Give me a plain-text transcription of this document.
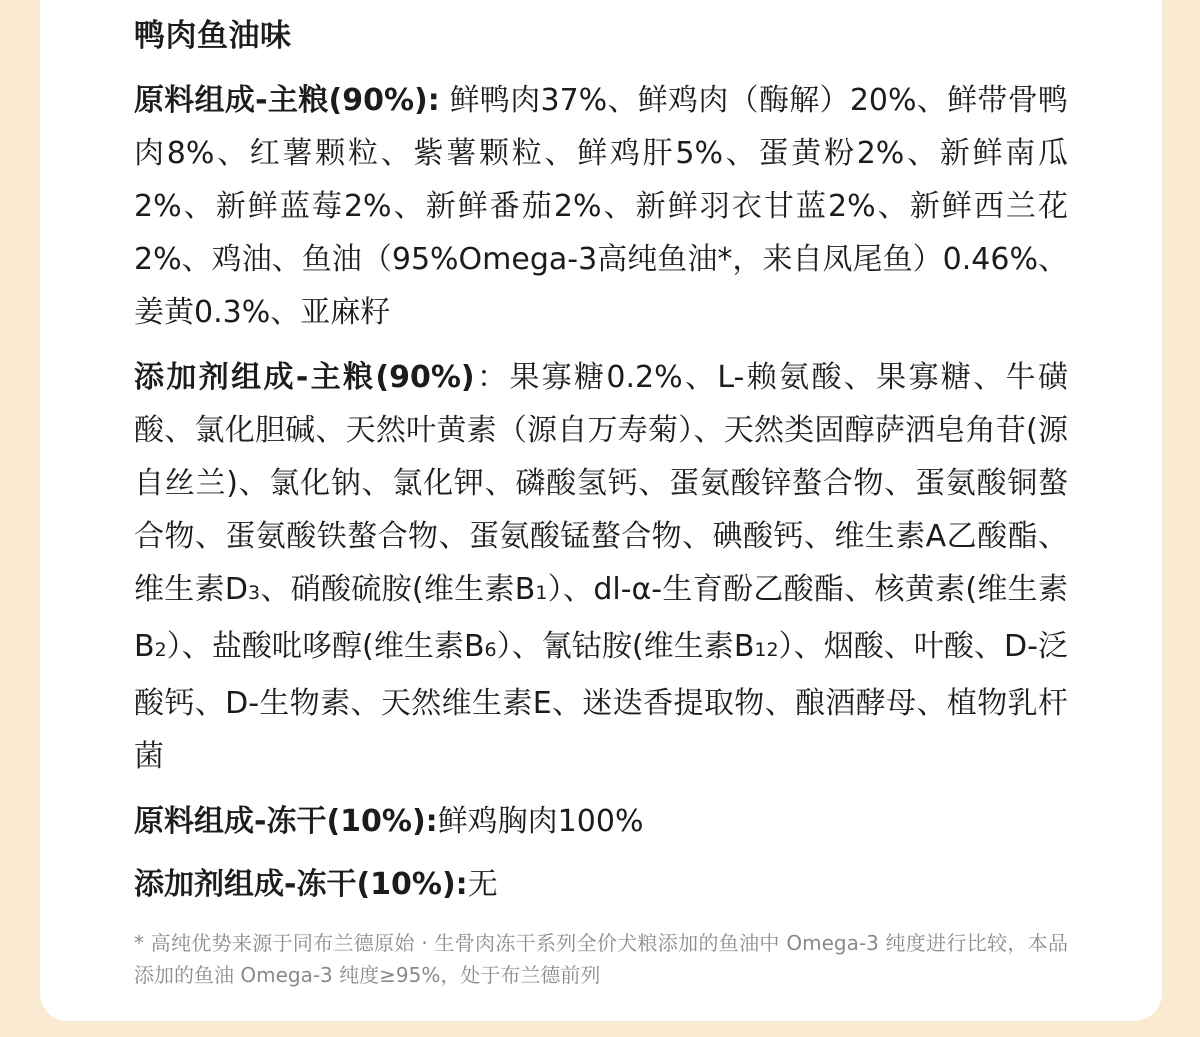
鸭肉鱼油味

原料组成-主粮(90%): 鲜鸭肉37%、鲜鸡肉（酶解）20%、鲜带骨鸭肉8%、红薯颗粒、紫薯颗粒、鲜鸡肝5%、蛋黄粉2%、新鲜南瓜2%、新鲜蓝莓2%、新鲜番茄2%、新鲜羽衣甘蓝2%、新鲜西兰花2%、鸡油、鱼油（95%Omega-3高纯鱼油*，来自凤尾鱼）0.46%、姜黄0.3%、亚麻籽

添加剂组成-主粮(90%)：果寡糖0.2%、L-赖氨酸、果寡糖、牛磺酸、氯化胆碱、天然叶黄素（源自万寿菊）、天然类固醇萨洒皂角苷(源自丝兰)、氯化钠、氯化钾、磷酸氢钙、蛋氨酸锌螯合物、蛋氨酸铜螯合物、蛋氨酸铁螯合物、蛋氨酸锰螯合物、碘酸钙、维生素A乙酸酯、维生素D3、硝酸硫胺(维生素B1）、dl-α-生育酚乙酸酯、核黄素(维生素B2）、盐酸吡哆醇(维生素B6）、氰钴胺(维生素B12）、烟酸、叶酸、D-泛酸钙、D-生物素、天然维生素E、迷迭香提取物、酿酒酵母、植物乳杆菌

原料组成-冻干(10%):鲜鸡胸肉100%

添加剂组成-冻干(10%):无

* 高纯优势来源于同布兰德原始 · 生骨肉冻干系列全价犬粮添加的鱼油中 Omega-3 纯度进行比较，本品添加的鱼油 Omega-3 纯度≥95%，处于布兰德前列
